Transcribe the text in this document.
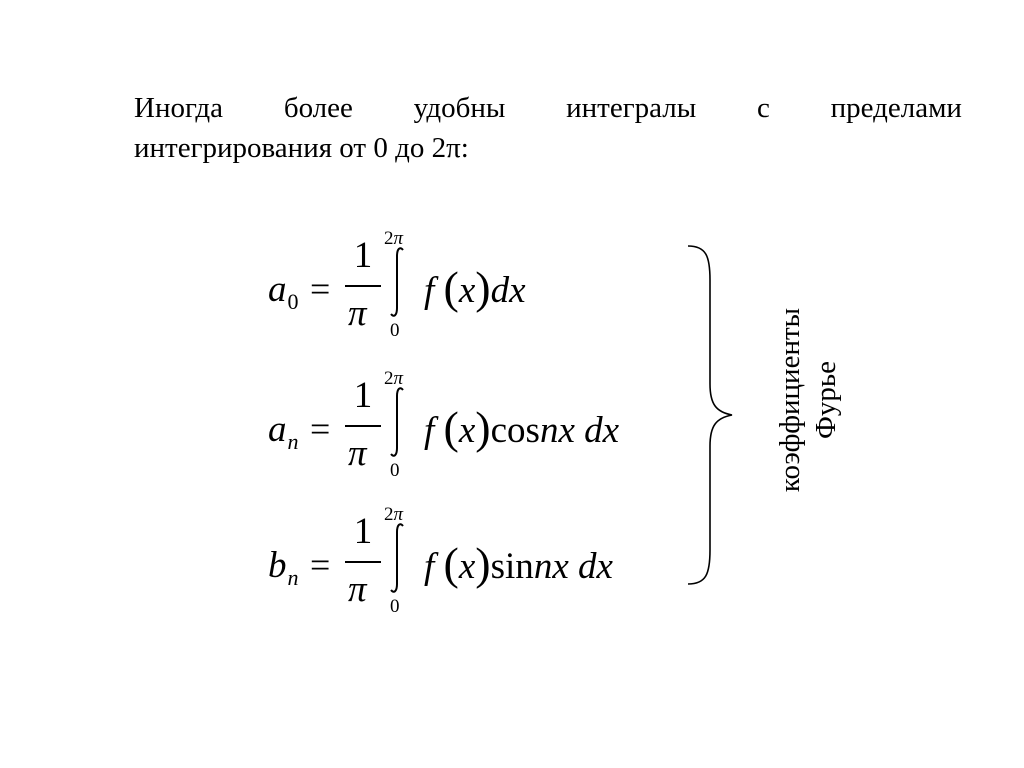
Иногда более удобны интегралы с пределами
интегрирования от 0 до 2π:
$a_0$ =
1
π
2π
0
f (x)dx
$a_n$ =
1
π
2π
0
f (x)cosnx dx
$b_n$ =
1
π
2π
0
f (x)sinnx dx
коэффициенты Фурье
